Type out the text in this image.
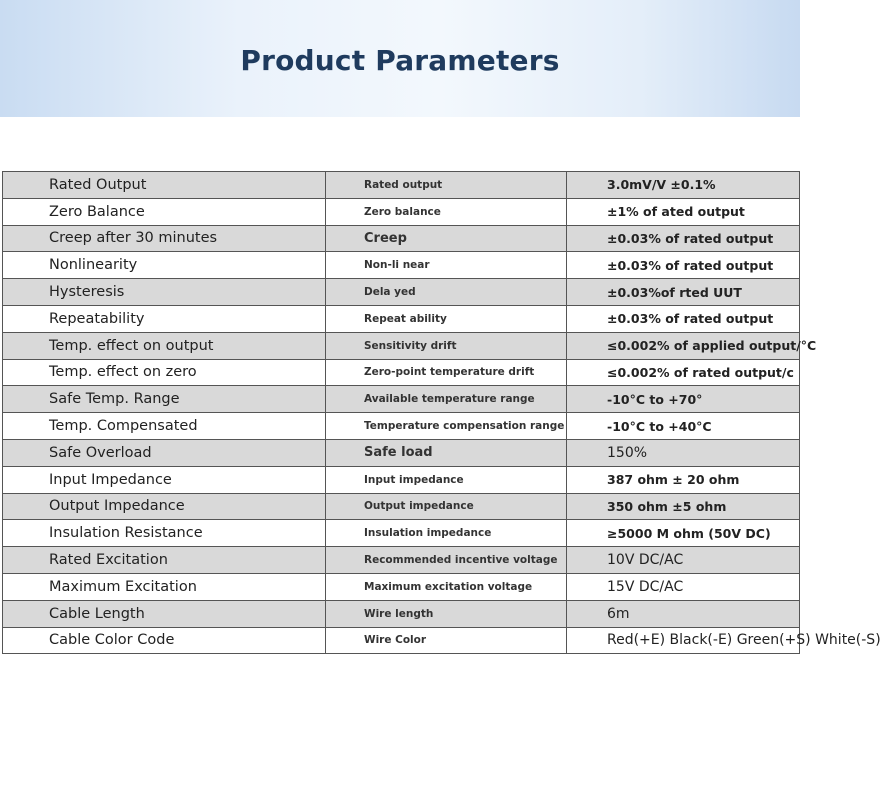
Product Parameters
Rated Output	Rated output	3.0mV/V ±0.1%
Zero Balance	Zero balance	±1% of ated output
Creep after 30 minutes	Creep	±0.03% of rated output
Nonlinearity	Non-li near	±0.03% of rated output
Hysteresis	Dela yed	±0.03%of rted UUT
Repeatability	Repeat ability	±0.03% of rated output
Temp. effect on output	Sensitivity drift	≤0.002% of applied output/°C
Temp. effect on zero	Zero-point temperature drift	≤0.002% of rated output/c
Safe Temp. Range	Available temperature range	-10°C to +70°
Temp. Compensated	Temperature compensation range	-10°C to +40°C
Safe Overload	Safe load	150%
Input Impedance	Input impedance	387 ohm ± 20 ohm
Output Impedance	Output impedance	350 ohm ±5 ohm
Insulation Resistance	Insulation impedance	≥5000 M ohm (50V DC)
Rated Excitation	Recommended incentive voltage	10V DC/AC
Maximum Excitation	Maximum excitation voltage	15V DC/AC
Cable Length	Wire length	6m
Cable Color Code	Wire Color	Red(+E) Black(-E) Green(+S) White(-S)
